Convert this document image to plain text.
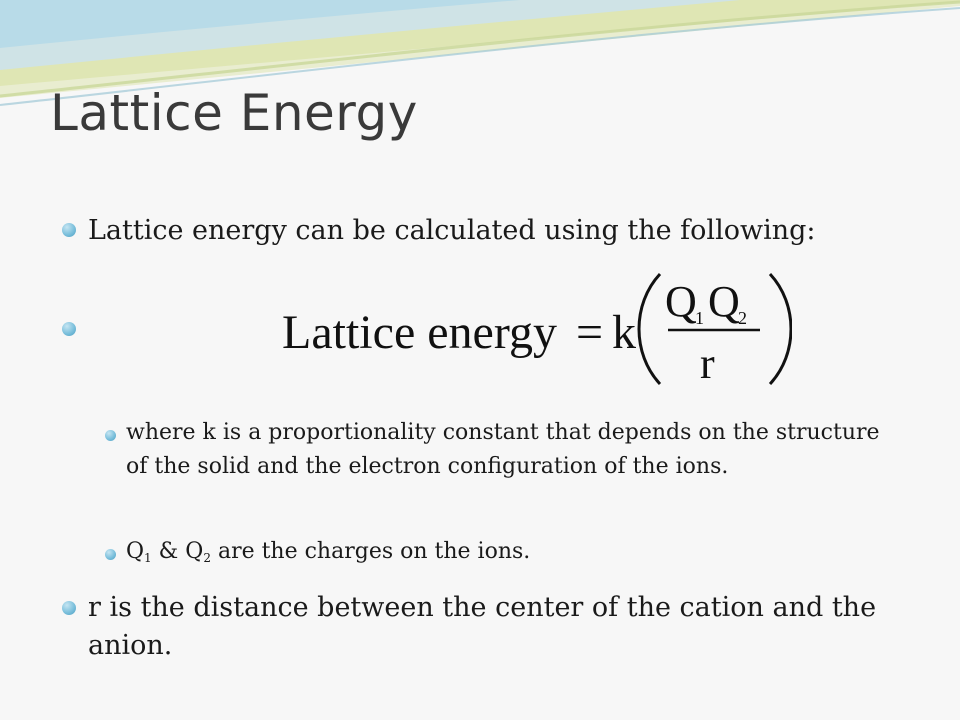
Lattice Energy

Lattice energy can be calculated using the following:

Lattice energy = k
Q
1 Q
2
r

where k is a proportionality constant that depends on the structure of the solid and the electron configuration of the ions.

$Q_1$ & $Q_2$ are the charges on the ions.

r is the distance between the center of the cation and the anion.
